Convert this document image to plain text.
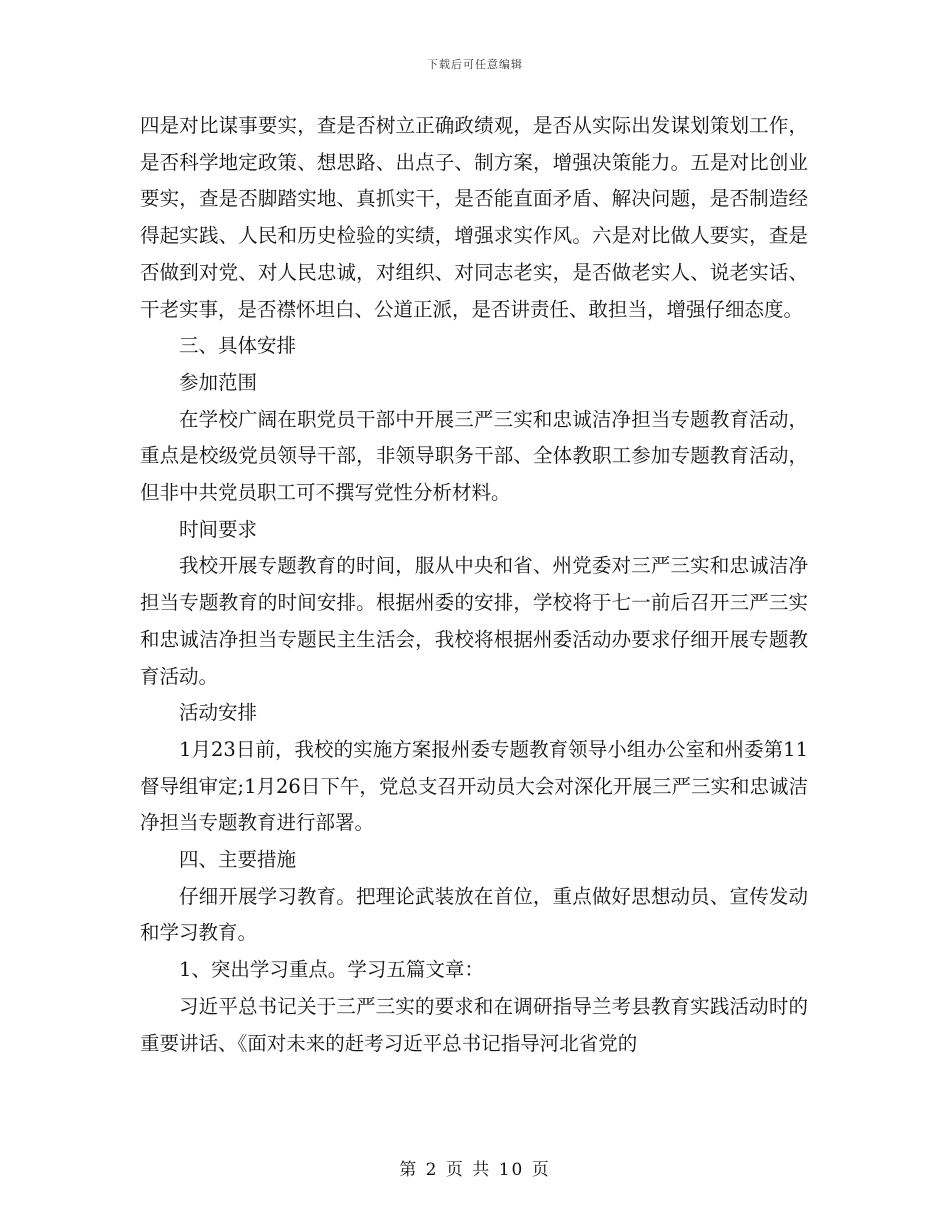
下载后可任意编辑

四是对比谋事要实，查是否树立正确政绩观，是否从实际出发谋划策划工作，是否科学地定政策、想思路、出点子、制方案，增强决策能力。五是对比创业要实，查是否脚踏实地、真抓实干，是否能直面矛盾、解决问题，是否制造经得起实践、人民和历史检验的实绩，增强求实作风。六是对比做人要实，查是否做到对党、对人民忠诚，对组织、对同志老实，是否做老实人、说老实话、干老实事，是否襟怀坦白、公道正派，是否讲责任、敢担当，增强仔细态度。

三、具体安排

参加范围

在学校广阔在职党员干部中开展三严三实和忠诚洁净担当专题教育活动，重点是校级党员领导干部，非领导职务干部、全体教职工参加专题教育活动，但非中共党员职工可不撰写党性分析材料。

时间要求

我校开展专题教育的时间，服从中央和省、州党委对三严三实和忠诚洁净担当专题教育的时间安排。根据州委的安排，学校将于七一前后召开三严三实和忠诚洁净担当专题民主生活会，我校将根据州委活动办要求仔细开展专题教育活动。

活动安排

1月23日前，我校的实施方案报州委专题教育领导小组办公室和州委第11督导组审定;1月26日下午，党总支召开动员大会对深化开展三严三实和忠诚洁净担当专题教育进行部署。

四、主要措施

仔细开展学习教育。把理论武装放在首位，重点做好思想动员、宣传发动和学习教育。

1、突出学习重点。学习五篇文章：

习近平总书记关于三严三实的要求和在调研指导兰考县教育实践活动时的重要讲话、《面对未来的赶考习近平总书记指导河北省党的

第 2 页 共 10 页
